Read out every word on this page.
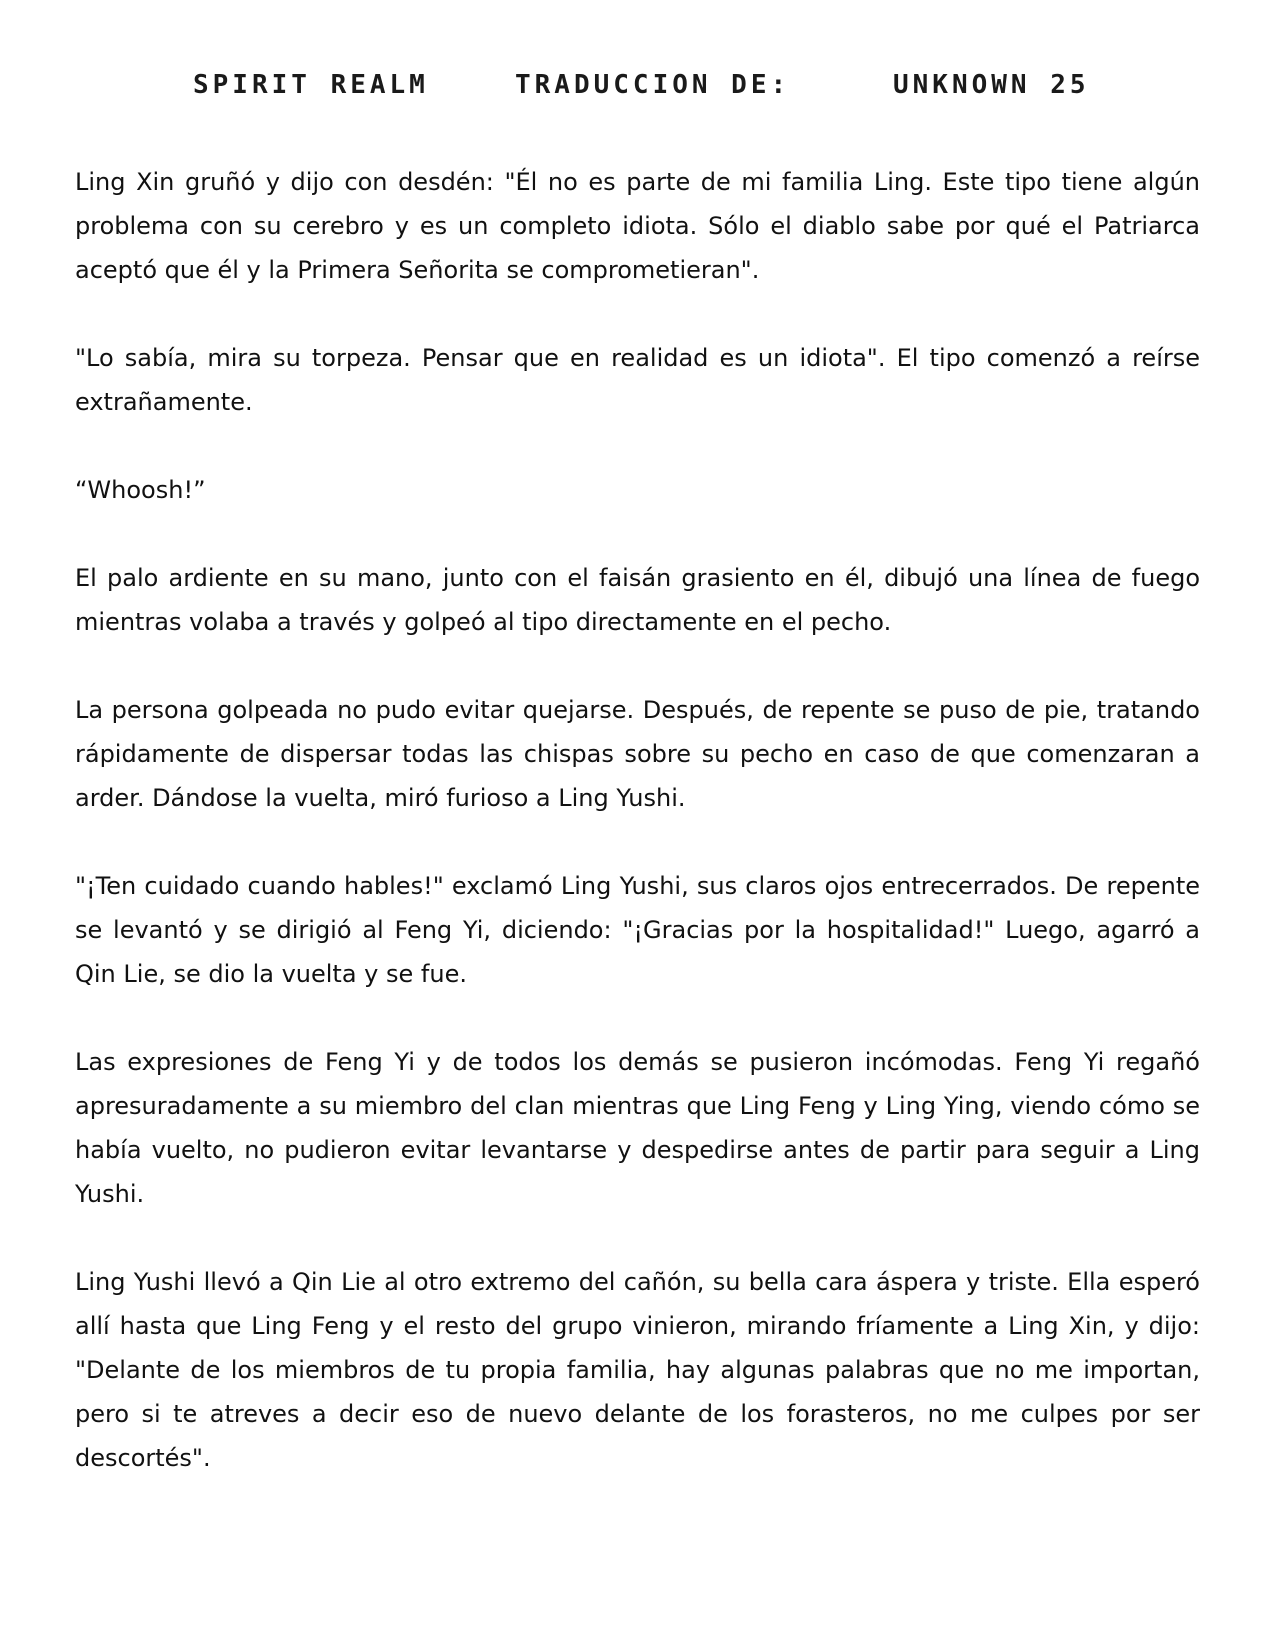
SPIRIT REALM	TRADUCCION DE:	UNKNOWN 25

Ling Xin gruñó y dijo con desdén: "Él no es parte de mi familia Ling. Este tipo tiene algún problema con su cerebro y es un completo idiota. Sólo el diablo sabe por qué el Patriarca aceptó que él y la Primera Señorita se comprometieran".

"Lo sabía, mira su torpeza. Pensar que en realidad es un idiota". El tipo comenzó a reírse extrañamente.

“Whoosh!”

El palo ardiente en su mano, junto con el faisán grasiento en él, dibujó una línea de fuego mientras volaba a través y golpeó al tipo directamente en el pecho.

La persona golpeada no pudo evitar quejarse. Después, de repente se puso de pie, tratando rápidamente de dispersar todas las chispas sobre su pecho en caso de que comenzaran a arder. Dándose la vuelta, miró furioso a Ling Yushi.

"¡Ten cuidado cuando hables!" exclamó Ling Yushi, sus claros ojos entrecerrados. De repente se levantó y se dirigió al Feng Yi, diciendo: "¡Gracias por la hospitalidad!" Luego, agarró a Qin Lie, se dio la vuelta y se fue.

Las expresiones de Feng Yi y de todos los demás se pusieron incómodas. Feng Yi regañó apresuradamente a su miembro del clan mientras que Ling Feng y Ling Ying, viendo cómo se había vuelto, no pudieron evitar levantarse y despedirse antes de partir para seguir a Ling Yushi.

Ling Yushi llevó a Qin Lie al otro extremo del cañón, su bella cara áspera y triste. Ella esperó allí hasta que Ling Feng y el resto del grupo vinieron, mirando fríamente a Ling Xin, y dijo: "Delante de los miembros de tu propia familia, hay algunas palabras que no me importan, pero si te atreves a decir eso de nuevo delante de los forasteros, no me culpes por ser descortés".
